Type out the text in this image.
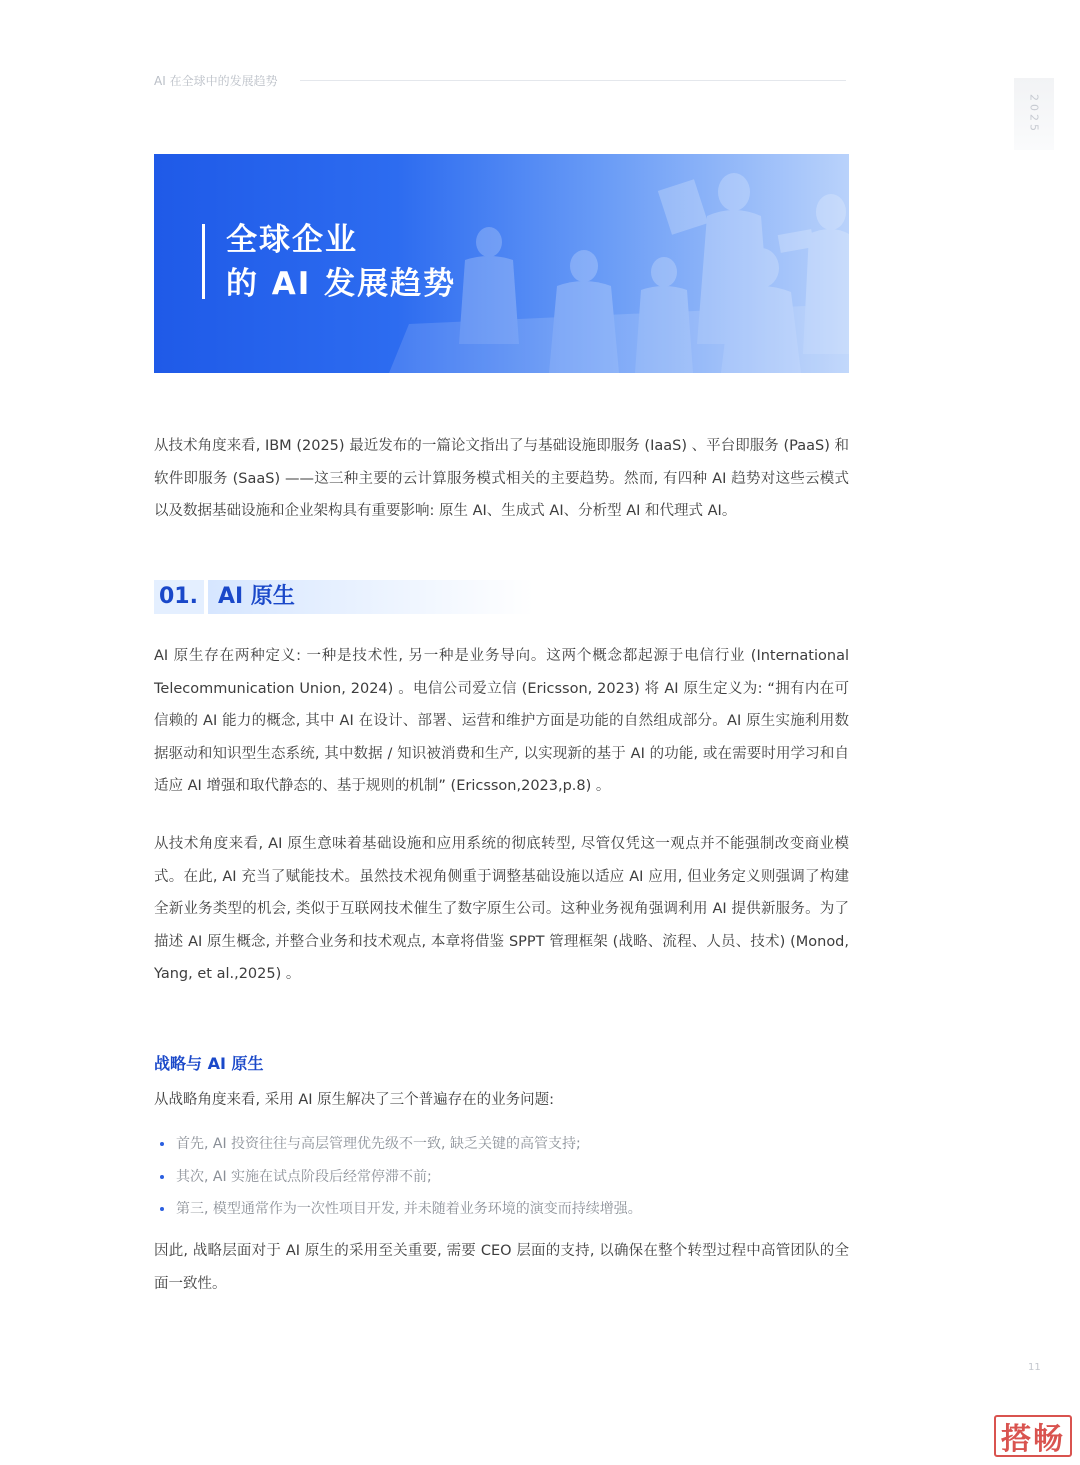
AI 在全球中的发展趋势
2025
全球企业
的 AI 发展趋势

从技术角度来看, IBM (2025) 最近发布的一篇论文指出了与基础设施即服务 (IaaS) 、平台即服务 (PaaS) 和软件即服务 (SaaS) ——这三种主要的云计算服务模式相关的主要趋势。然而, 有四种 AI 趋势对这些云模式以及数据基础设施和企业架构具有重要影响: 原生 AI、生成式 AI、分析型 AI 和代理式 AI。

01. AI 原生

AI 原生存在两种定义: 一种是技术性, 另一种是业务导向。这两个概念都起源于电信行业 (International Telecommunication Union, 2024) 。电信公司爱立信 (Ericsson, 2023) 将 AI 原生定义为: “拥有内在可信赖的 AI 能力的概念, 其中 AI 在设计、部署、运营和维护方面是功能的自然组成部分。AI 原生实施利用数据驱动和知识型生态系统, 其中数据 / 知识被消费和生产, 以实现新的基于 AI 的功能, 或在需要时用学习和自适应 AI 增强和取代静态的、基于规则的机制” (Ericsson,2023,p.8) 。

从技术角度来看, AI 原生意味着基础设施和应用系统的彻底转型, 尽管仅凭这一观点并不能强制改变商业模式。在此, AI 充当了赋能技术。虽然技术视角侧重于调整基础设施以适应 AI 应用, 但业务定义则强调了构建全新业务类型的机会, 类似于互联网技术催生了数字原生公司。这种业务视角强调利用 AI 提供新服务。为了描述 AI 原生概念, 并整合业务和技术观点, 本章将借鉴 SPPT 管理框架 (战略、流程、人员、技术) (Monod, Yang, et al.,2025) 。

战略与 AI 原生

从战略角度来看, 采用 AI 原生解决了三个普遍存在的业务问题:

首先, AI 投资往往与高层管理优先级不一致, 缺乏关键的高管支持;
其次, AI 实施在试点阶段后经常停滞不前;
第三, 模型通常作为一次性项目开发, 并未随着业务环境的演变而持续增强。

因此, 战略层面对于 AI 原生的采用至关重要, 需要 CEO 层面的支持, 以确保在整个转型过程中高管团队的全面一致性。

11
搭畅
